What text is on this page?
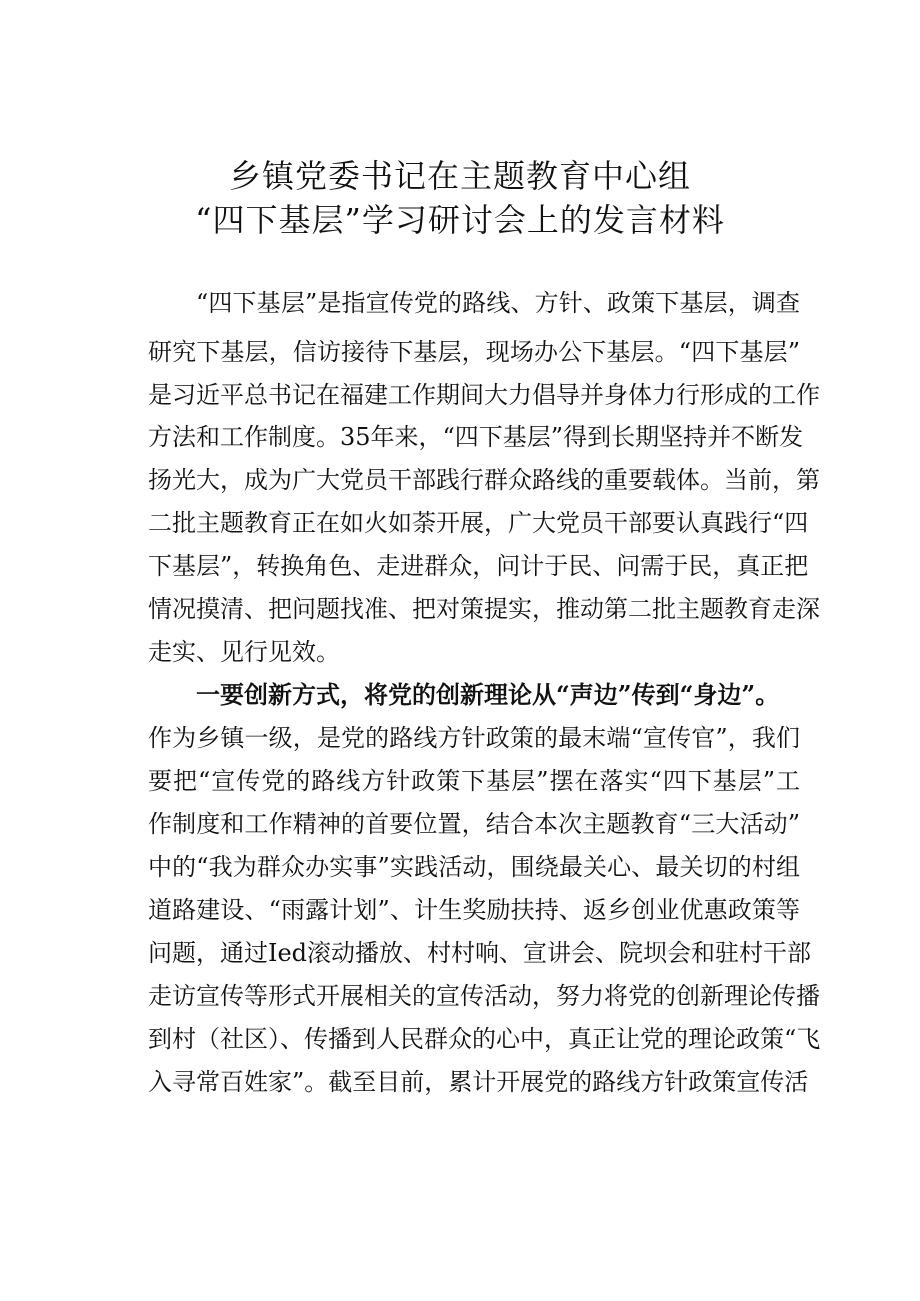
乡镇党委书记在主题教育中心组
“四下基层”学习研讨会上的发言材料
“四下基层”是指宣传党的路线、方针、政策下基层，调查
研究下基层，信访接待下基层，现场办公下基层。“四下基层”
是习近平总书记在福建工作期间大力倡导并身体力行形成的工作
方法和工作制度。35年来，“四下基层”得到长期坚持并不断发
扬光大，成为广大党员干部践行群众路线的重要载体。当前，第
二批主题教育正在如火如荼开展，广大党员干部要认真践行“四
下基层”，转换角色、走进群众，问计于民、问需于民，真正把
情况摸清、把问题找准、把对策提实，推动第二批主题教育走深
走实、见行见效。
一要创新方式，将党的创新理论从“声边”传到“身边”。
作为乡镇一级，是党的路线方针政策的最末端“宣传官”，我们
要把“宣传党的路线方针政策下基层”摆在落实“四下基层”工
作制度和工作精神的首要位置，结合本次主题教育“三大活动”
中的“我为群众办实事”实践活动，围绕最关心、最关切的村组
道路建设、“雨露计划”、计生奖励扶持、返乡创业优惠政策等
问题，通过Ied滚动播放、村村响、宣讲会、院坝会和驻村干部
走访宣传等形式开展相关的宣传活动，努力将党的创新理论传播
到村（社区）、传播到人民群众的心中，真正让党的理论政策“飞
入寻常百姓家”。截至目前，累计开展党的路线方针政策宣传活
